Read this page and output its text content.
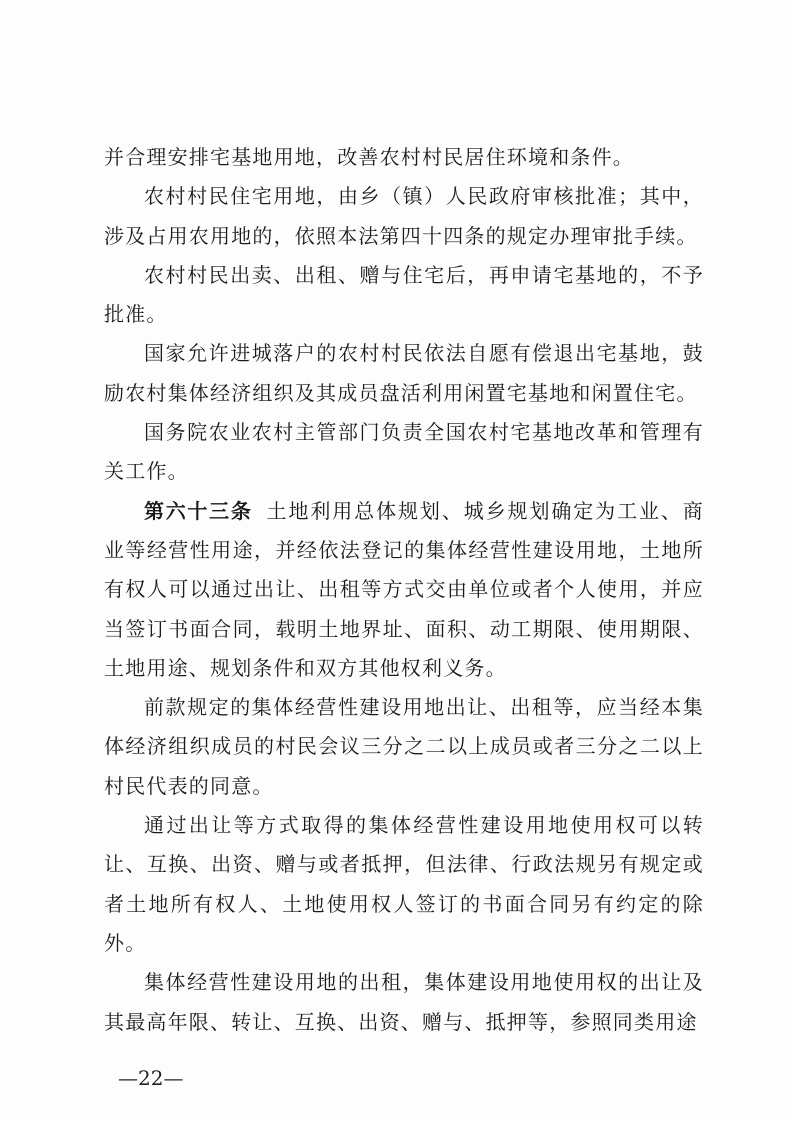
并合理安排宅基地用地，改善农村村民居住环境和条件。

农村村民住宅用地，由乡（镇）人民政府审核批准；其中，涉及占用农用地的，依照本法第四十四条的规定办理审批手续。

农村村民出卖、出租、赠与住宅后，再申请宅基地的，不予批准。

国家允许进城落户的农村村民依法自愿有偿退出宅基地，鼓励农村集体经济组织及其成员盘活利用闲置宅基地和闲置住宅。

国务院农业农村主管部门负责全国农村宅基地改革和管理有关工作。

第六十三条 土地利用总体规划、城乡规划确定为工业、商业等经营性用途，并经依法登记的集体经营性建设用地，土地所有权人可以通过出让、出租等方式交由单位或者个人使用，并应当签订书面合同，载明土地界址、面积、动工期限、使用期限、土地用途、规划条件和双方其他权利义务。

前款规定的集体经营性建设用地出让、出租等，应当经本集体经济组织成员的村民会议三分之二以上成员或者三分之二以上村民代表的同意。

通过出让等方式取得的集体经营性建设用地使用权可以转让、互换、出资、赠与或者抵押，但法律、行政法规另有规定或者土地所有权人、土地使用权人签订的书面合同另有约定的除外。

集体经营性建设用地的出租，集体建设用地使用权的出让及其最高年限、转让、互换、出资、赠与、抵押等，参照同类用途

—22—
